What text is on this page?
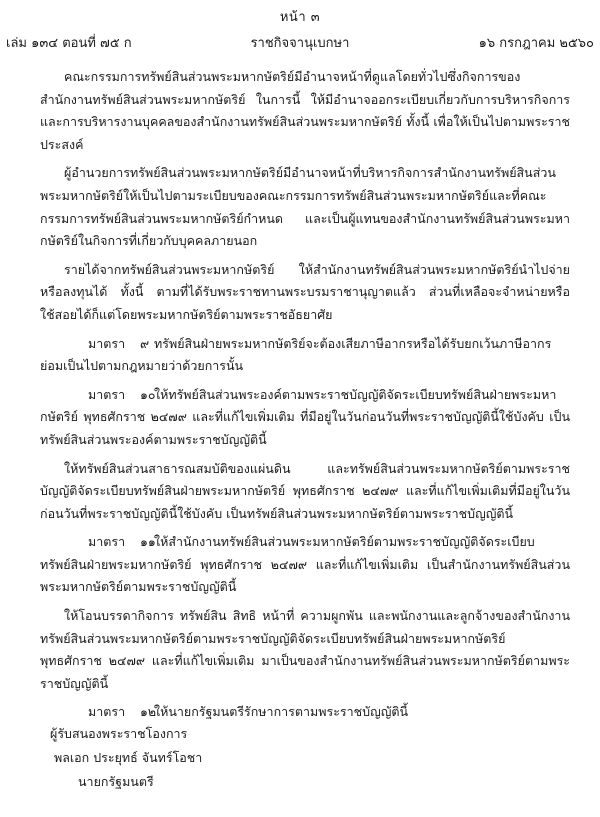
หน้า ๓
ราชกิจจานุเบกษา
เล่ม ๑๓๔ ตอนที่ ๗๕ ก	๑๖ กรกฎาคม ๒๕๖๐

คณะกรรมการทรัพย์สินส่วนพระมหากษัตริย์มีอำนาจหน้าที่ดูแลโดยทั่วไปซึ่งกิจการของสำนักงานทรัพย์สินส่วนพระมหากษัตริย์ ในการนี้ ให้มีอำนาจออกระเบียบเกี่ยวกับการบริหารกิจการและการบริหารงานบุคคลของสำนักงานทรัพย์สินส่วนพระมหากษัตริย์ ทั้งนี้ เพื่อให้เป็นไปตามพระราชประสงค์

ผู้อำนวยการทรัพย์สินส่วนพระมหากษัตริย์มีอำนาจหน้าที่บริหารกิจการสำนักงานทรัพย์สินส่วนพระมหากษัตริย์ให้เป็นไปตามระเบียบของคณะกรรมการทรัพย์สินส่วนพระมหากษัตริย์และที่คณะกรรมการทรัพย์สินส่วนพระมหากษัตริย์กำหนด และเป็นผู้แทนของสำนักงานทรัพย์สินส่วนพระมหากษัตริย์ในกิจการที่เกี่ยวกับบุคคลภายนอก

รายได้จากทรัพย์สินส่วนพระมหากษัตริย์ ให้สำนักงานทรัพย์สินส่วนพระมหากษัตริย์นำไปจ่ายหรือลงทุนได้ ทั้งนี้ ตามที่ได้รับพระราชทานพระบรมราชานุญาตแล้ว ส่วนที่เหลือจะจำหน่ายหรือใช้สอยได้ก็แต่โดยพระมหากษัตริย์ตามพระราชอัธยาศัย

มาตรา ๙ ทรัพย์สินฝ่ายพระมหากษัตริย์จะต้องเสียภาษีอากรหรือได้รับยกเว้นภาษีอากรย่อมเป็นไปตามกฎหมายว่าด้วยการนั้น

มาตรา ๑๐ให้ทรัพย์สินส่วนพระองค์ตามพระราชบัญญัติจัดระเบียบทรัพย์สินฝ่ายพระมหากษัตริย์ พุทธศักราช ๒๔๗๙ และที่แก้ไขเพิ่มเติม ที่มีอยู่ในวันก่อนวันที่พระราชบัญญัตินี้ใช้บังคับ เป็นทรัพย์สินส่วนพระองค์ตามพระราชบัญญัตินี้

ให้ทรัพย์สินส่วนสาธารณสมบัติของแผ่นดิน และทรัพย์สินส่วนพระมหากษัตริย์ตามพระราชบัญญัติจัดระเบียบทรัพย์สินฝ่ายพระมหากษัตริย์ พุทธศักราช ๒๔๗๙ และที่แก้ไขเพิ่มเติมที่มีอยู่ในวันก่อนวันที่พระราชบัญญัตินี้ใช้บังคับ เป็นทรัพย์สินส่วนพระมหากษัตริย์ตามพระราชบัญญัตินี้

มาตรา ๑๑ให้สำนักงานทรัพย์สินส่วนพระมหากษัตริย์ตามพระราชบัญญัติจัดระเบียบทรัพย์สินฝ่ายพระมหากษัตริย์ พุทธศักราช ๒๔๗๙ และที่แก้ไขเพิ่มเติม เป็นสำนักงานทรัพย์สินส่วนพระมหากษัตริย์ตามพระราชบัญญัตินี้

ให้โอนบรรดากิจการ ทรัพย์สิน สิทธิ หน้าที่ ความผูกพัน และพนักงานและลูกจ้างของสำนักงานทรัพย์สินส่วนพระมหากษัตริย์ตามพระราชบัญญัติจัดระเบียบทรัพย์สินฝ่ายพระมหากษัตริย์ พุทธศักราช ๒๔๗๙ และที่แก้ไขเพิ่มเติม มาเป็นของสำนักงานทรัพย์สินส่วนพระมหากษัตริย์ตามพระราชบัญญัตินี้

มาตรา ๑๒ให้นายกรัฐมนตรีรักษาการตามพระราชบัญญัตินี้

ผู้รับสนองพระราชโองการ
พลเอก ประยุทธ์ จันทร์โอชา
นายกรัฐมนตรี
